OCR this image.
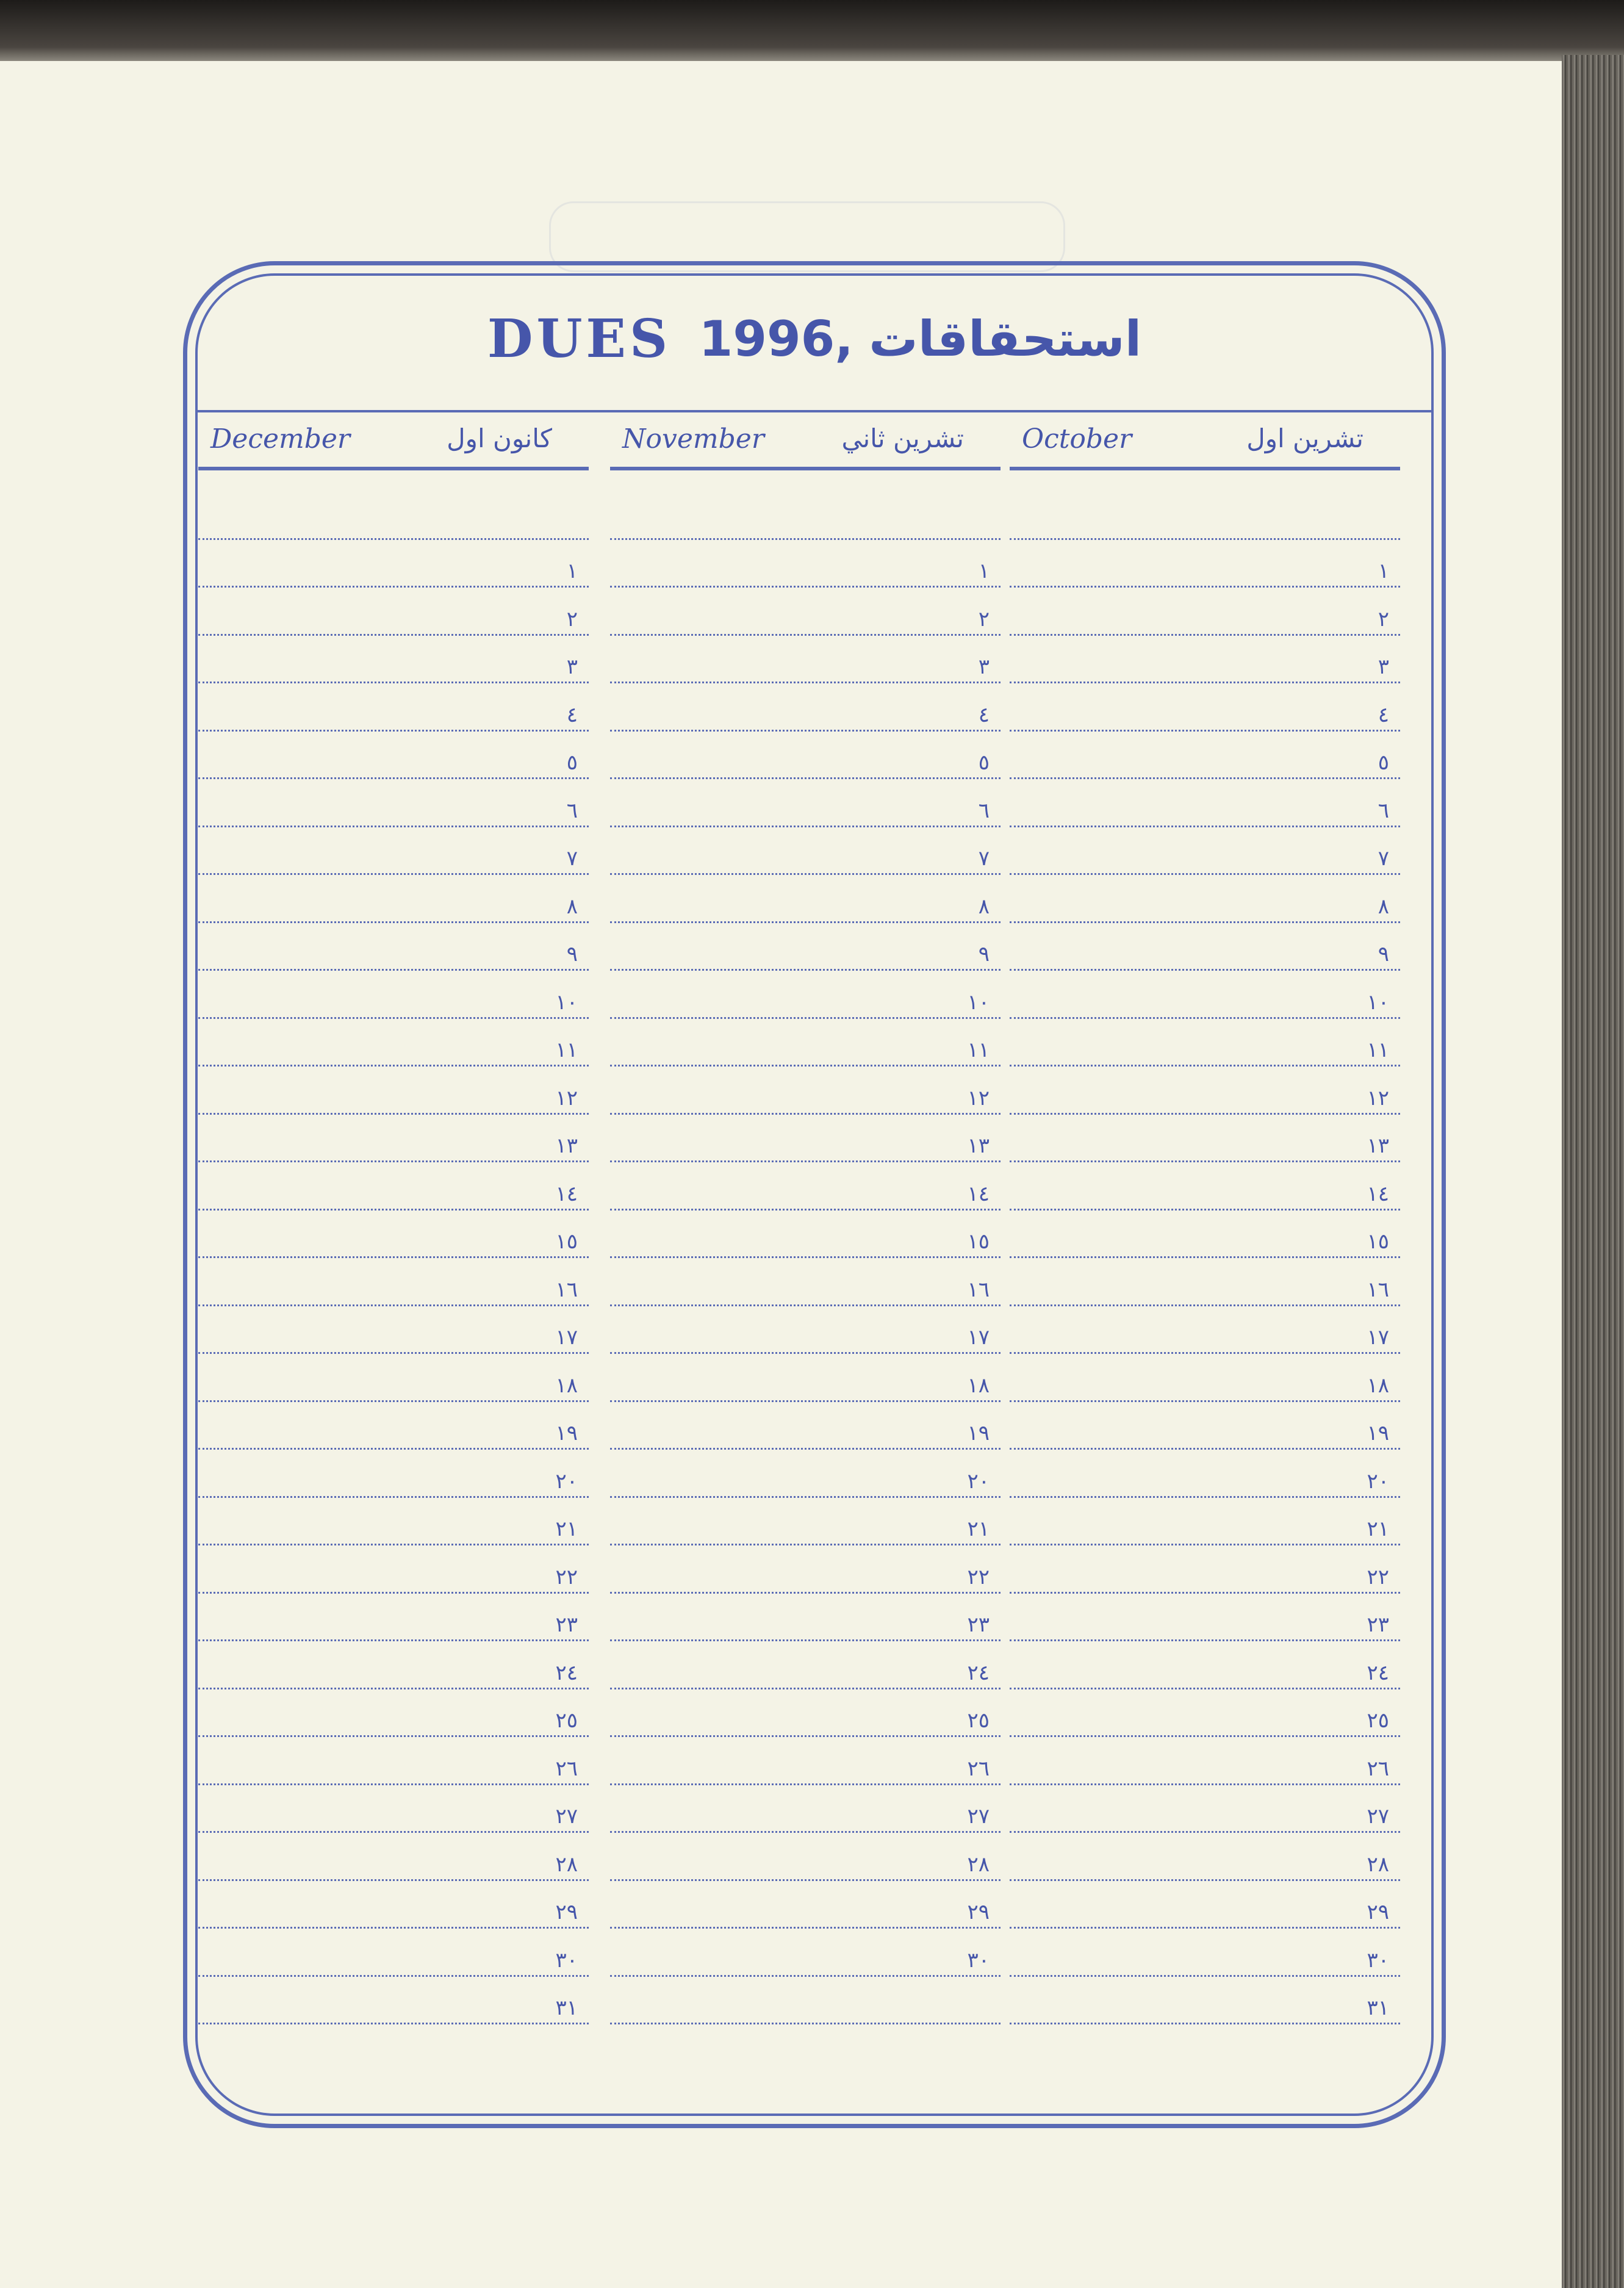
DUES 1996, استحقاقات
December	كانون اول
١
٢
٣
٤
٥
٦
٧
٨
٩
١٠
١١
١٢
١٣
١٤
١٥
١٦
١٧
١٨
١٩
٢٠
٢١
٢٢
٢٣
٢٤
٢٥
٢٦
٢٧
٢٨
٢٩
٣٠
٣١
November	تشرين ثاني
١
٢
٣
٤
٥
٦
٧
٨
٩
١٠
١١
١٢
١٣
١٤
١٥
١٦
١٧
١٨
١٩
٢٠
٢١
٢٢
٢٣
٢٤
٢٥
٢٦
٢٧
٢٨
٢٩
٣٠
October	تشرين اول
١
٢
٣
٤
٥
٦
٧
٨
٩
١٠
١١
١٢
١٣
١٤
١٥
١٦
١٧
١٨
١٩
٢٠
٢١
٢٢
٢٣
٢٤
٢٥
٢٦
٢٧
٢٨
٢٩
٣٠
٣١
